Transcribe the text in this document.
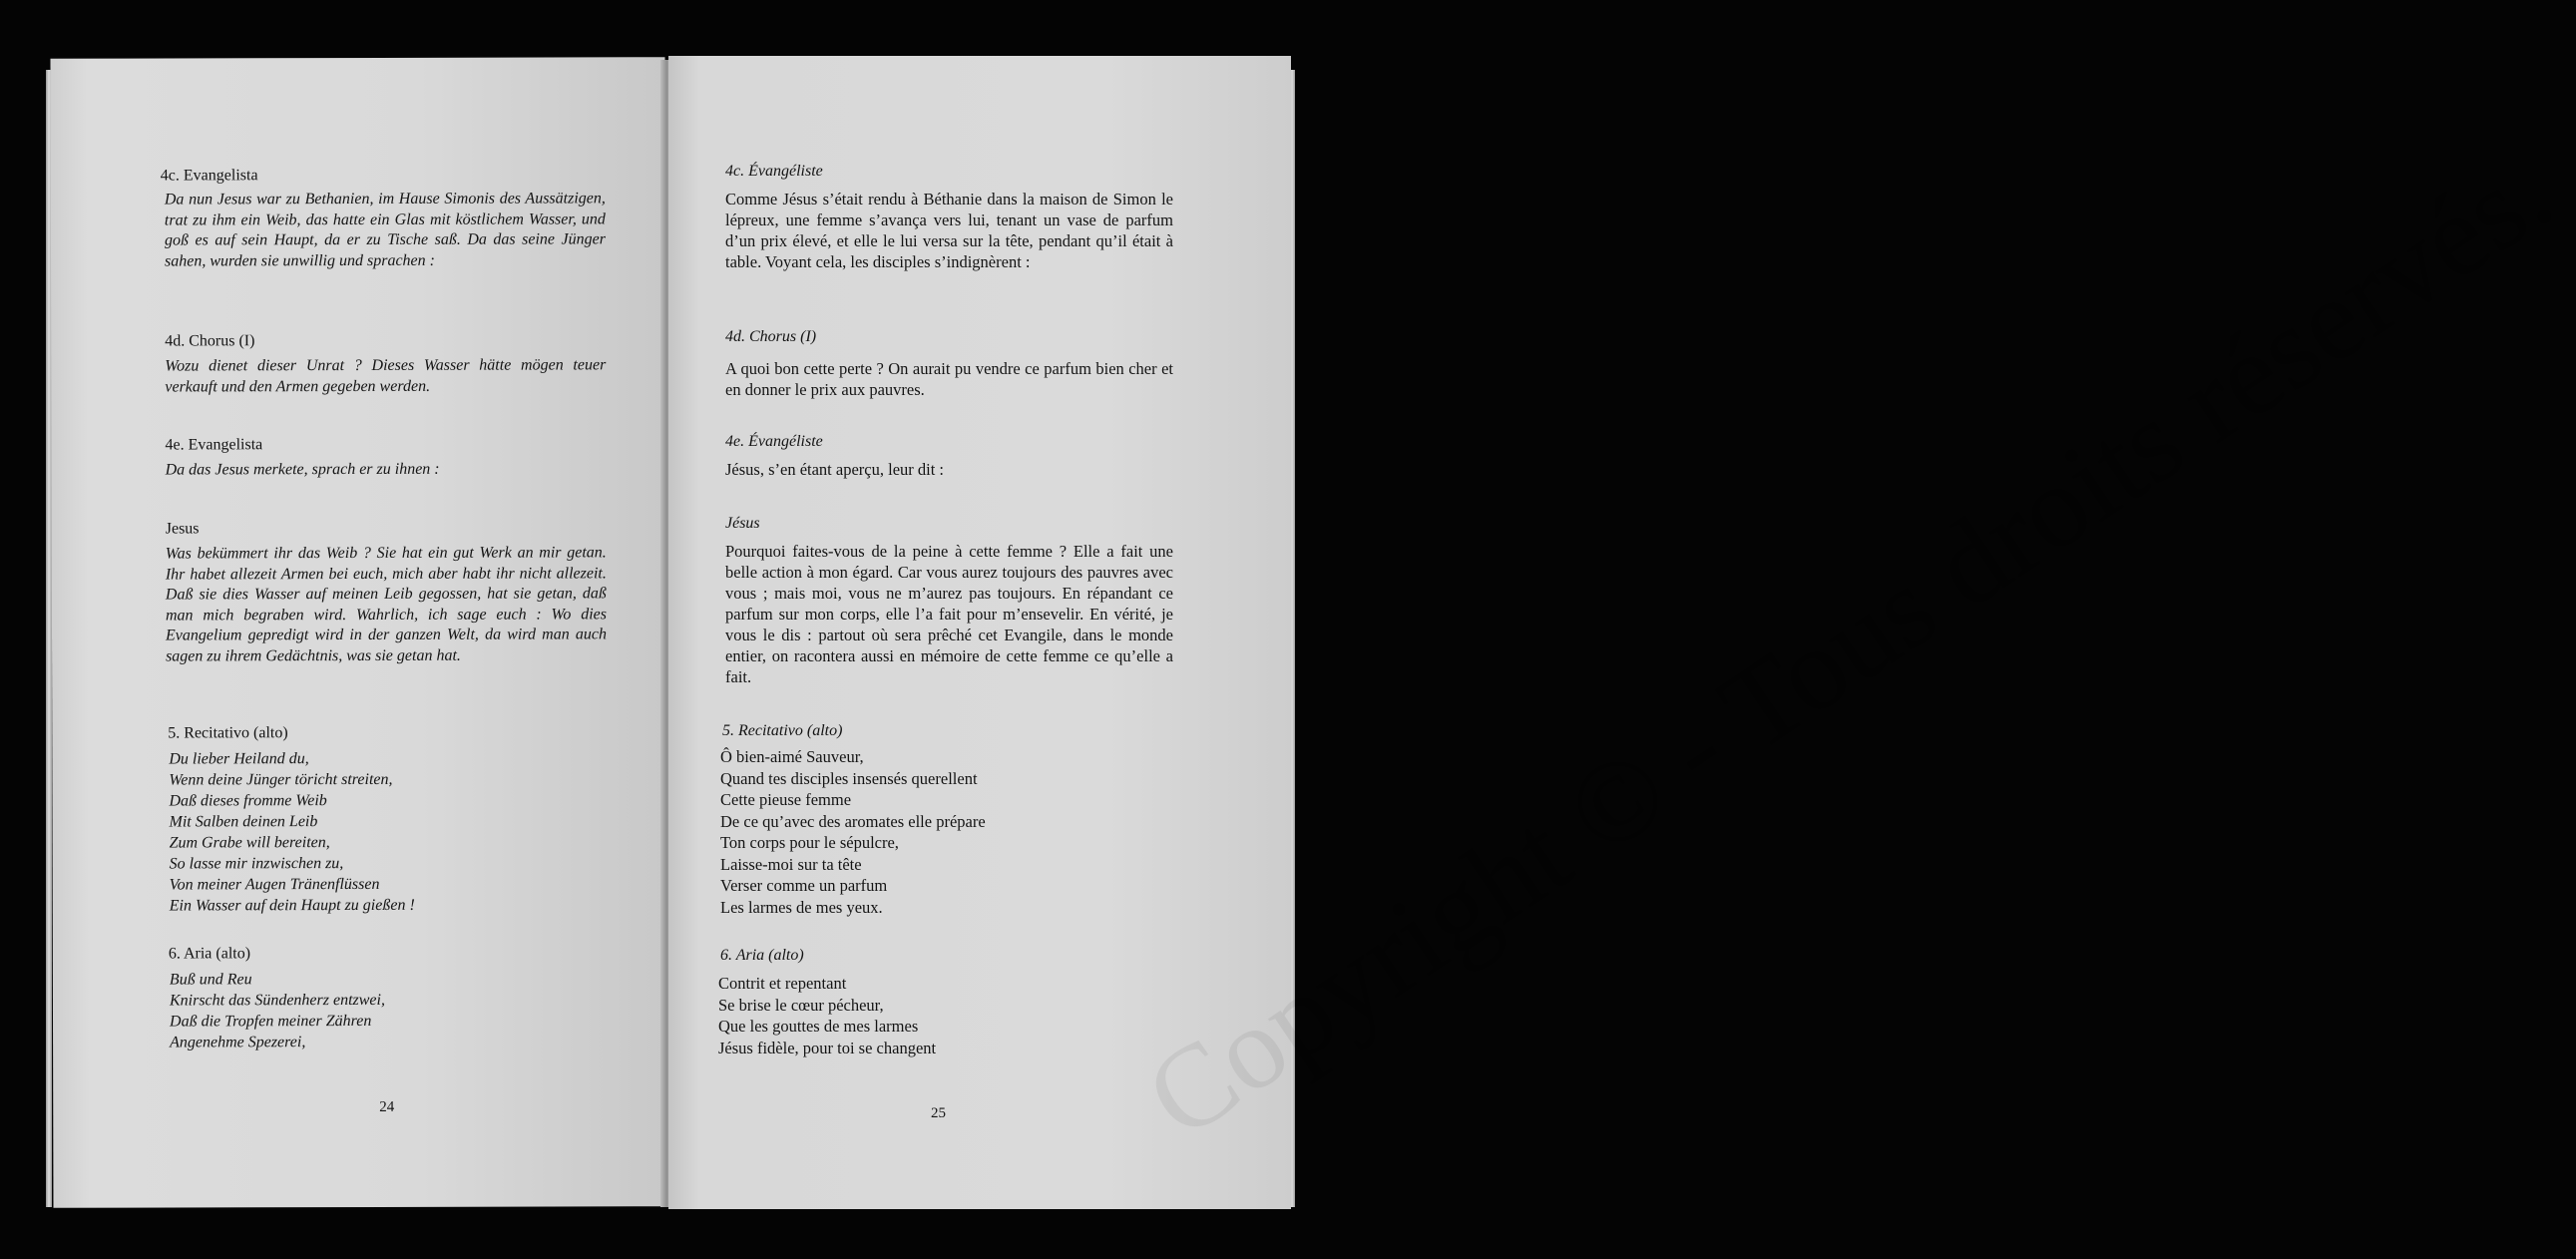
4c. Evangelista
Da nun Jesus war zu Bethanien, im Hause Simonis des Aussätzigen, trat zu ihm ein Weib, das hatte ein Glas mit köstlichem Wasser, und goß es auf sein Haupt, da er zu Tische saß. Da das seine Jünger sahen, wurden sie unwillig und sprachen :
4d. Chorus (I)
Wozu dienet dieser Unrat ? Dieses Wasser hätte mögen teuer verkauft und den Armen gegeben werden.
4e. Evangelista
Da das Jesus merkete, sprach er zu ihnen :
Jesus
Was bekümmert ihr das Weib ? Sie hat ein gut Werk an mir getan. Ihr habet allezeit Armen bei euch, mich aber habt ihr nicht allezeit. Daß sie dies Wasser auf meinen Leib gegossen, hat sie getan, daß man mich begraben wird. Wahrlich, ich sage euch : Wo dies Evangelium gepredigt wird in der ganzen Welt, da wird man auch sagen zu ihrem Gedächtnis, was sie getan hat.
5. Recitativo (alto)
Du lieber Heiland du,
Wenn deine Jünger töricht streiten,
Daß dieses fromme Weib
Mit Salben deinen Leib
Zum Grabe will bereiten,
So lasse mir inzwischen zu,
Von meiner Augen Tränenflüssen
Ein Wasser auf dein Haupt zu gießen !
6. Aria (alto)
Buß und Reu
Knirscht das Sündenherz entzwei,
Daß die Tropfen meiner Zähren
Angenehme Spezerei,
24	Copyright © - Tous droits réservés.
4c. Évangéliste
Comme Jésus s’était rendu à Béthanie dans la maison de Simon le lépreux, une femme s’avança vers lui, tenant un vase de parfum d’un prix élevé, et elle le lui versa sur la tête, pendant qu’il était à table. Voyant cela, les disciples s’indignèrent :
4d. Chorus (I)
A quoi bon cette perte ? On aurait pu vendre ce parfum bien cher et en donner le prix aux pauvres.
4e. Évangéliste
Jésus, s’en étant aperçu, leur dit :
Jésus
Pourquoi faites-vous de la peine à cette femme ? Elle a fait une belle action à mon égard. Car vous aurez toujours des pauvres avec vous ; mais moi, vous ne m’aurez pas toujours. En répandant ce parfum sur mon corps, elle l’a fait pour m’ensevelir. En vérité, je vous le dis : partout où sera prêché cet Evangile, dans le monde entier, on racontera aussi en mémoire de cette femme ce qu’elle a fait.
5. Recitativo (alto)
Ô bien-aimé Sauveur,
Quand tes disciples insensés querellent
Cette pieuse femme
De ce qu’avec des aromates elle prépare
Ton corps pour le sépulcre,
Laisse-moi sur ta tête
Verser comme un parfum
Les larmes de mes yeux.
6. Aria (alto)
Contrit et repentant
Se brise le cœur pécheur,
Que les gouttes de mes larmes
Jésus fidèle, pour toi se changent
25
